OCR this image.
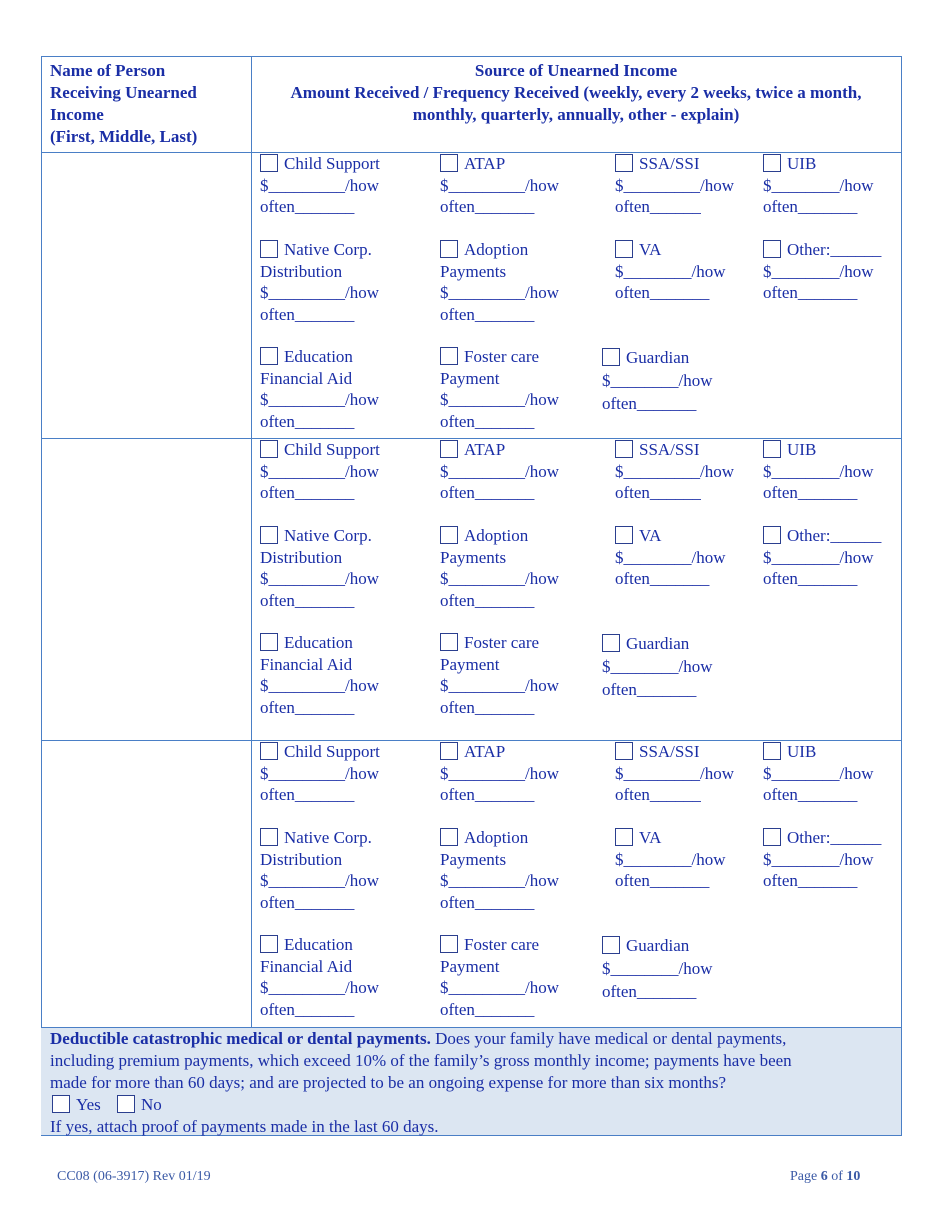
Name of Person
Receiving Unearned
Income
(First, Middle, Last)
Source of Unearned Income
Amount Received / Frequency Received (weekly, every 2 weeks, twice a month,
monthly, quarterly, annually, other - explain)
Child Support
$_________/how
often_______
ATAP
$_________/how
often_______
SSA/SSI
$_________/how
often______
UIB
$________/how
often_______
Native Corp.
Distribution
$_________/how
often_______
Adoption
Payments
$_________/how
often_______
VA
$________/how
often_______
Other:______
$________/how
often_______
Education
Financial Aid
$_________/how
often_______
Foster care
Payment
$_________/how
often_______
Guardian
$________/how
often_______
Child Support
$_________/how
often_______
ATAP
$_________/how
often_______
SSA/SSI
$_________/how
often______
UIB
$________/how
often_______
Native Corp.
Distribution
$_________/how
often_______
Adoption
Payments
$_________/how
often_______
VA
$________/how
often_______
Other:______
$________/how
often_______
Education
Financial Aid
$_________/how
often_______
Foster care
Payment
$_________/how
often_______
Guardian
$________/how
often_______
Child Support
$_________/how
often_______
ATAP
$_________/how
often_______
SSA/SSI
$_________/how
often______
UIB
$________/how
often_______
Native Corp.
Distribution
$_________/how
often_______
Adoption
Payments
$_________/how
often_______
VA
$________/how
often_______
Other:______
$________/how
often_______
Education
Financial Aid
$_________/how
often_______
Foster care
Payment
$_________/how
often_______
Guardian
$________/how
often_______

Deductible catastrophic medical or dental payments. Does your family have medical or dental payments,

including premium payments, which exceed 10% of the family’s gross monthly income; payments have been

made for more than 60 days; and are projected to be an ongoing expense for more than six months?

Yes No

If yes, attach proof of payments made in the last 60 days.

CC08 (06-3917) Rev 01/19	Page 6 of 10
